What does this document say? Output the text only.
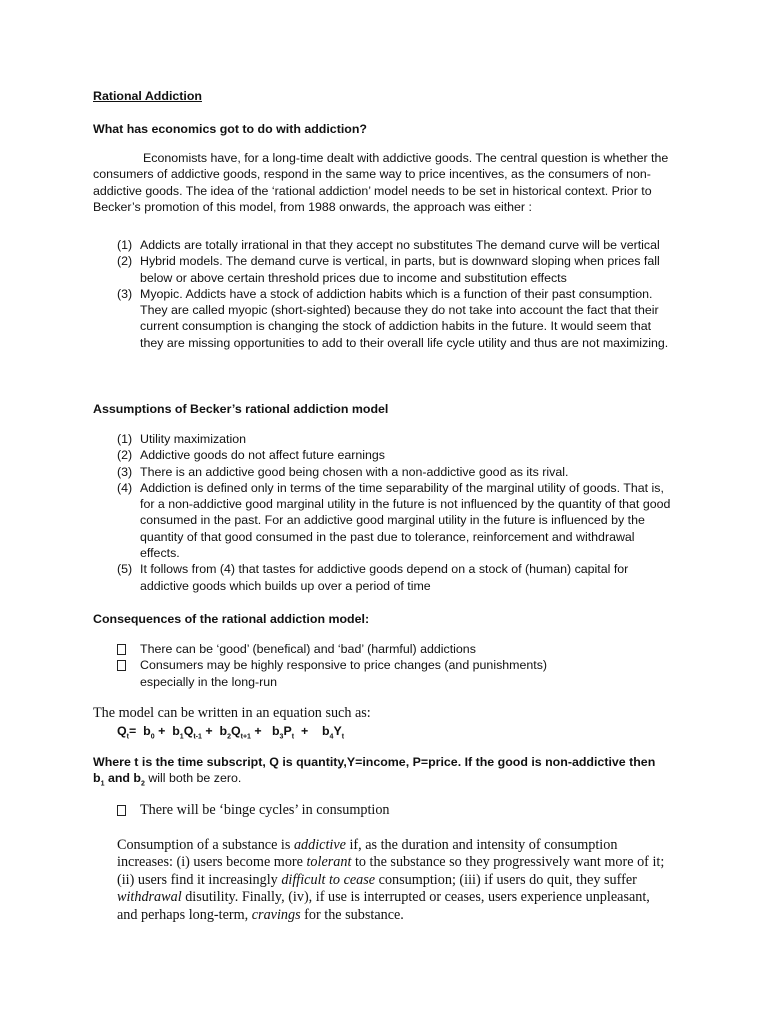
Rational Addiction
What has economics got to do with addiction?
Economists have, for a long-time dealt with addictive goods. The central question is whether the consumers of addictive goods, respond in the same way to price incentives, as the consumers of non-addictive goods. The idea of the ‘rational addiction’ model needs to be set in historical context. Prior to Becker’s promotion of this model, from 1988 onwards, the approach was either :
(1) Addicts are totally irrational in that they accept no substitutes The demand curve will be vertical
(2) Hybrid models. The demand curve is vertical, in parts, but is downward sloping when prices fall below or above certain threshold prices due to income and substitution effects
(3) Myopic. Addicts have a stock of addiction habits which is a function of their past consumption. They are called myopic (short-sighted) because they do not take into account the fact that their current consumption is changing the stock of addiction habits in the future. It would seem that they are missing opportunities to add to their overall life cycle utility and thus are not maximizing.
Assumptions of Becker’s rational addiction model
(1) Utility maximization
(2) Addictive goods do not affect future earnings
(3) There is an addictive good being chosen with a non-addictive good as its rival.
(4) Addiction is defined only in terms of the time separability of the marginal utility of goods. That is, for a non-addictive good marginal utility in the future is not influenced by the quantity of that good consumed in the past. For an addictive good marginal utility in the future is influenced by the quantity of that good consumed in the past due to tolerance, reinforcement and withdrawal effects.
(5) It follows from (4) that tastes for addictive goods depend on a stock of (human) capital for addictive goods which builds up over a period of time
Consequences of the rational addiction model:
There can be ‘good’ (benefical) and ‘bad’ (harmful) addictions
Consumers may be highly responsive to price changes (and punishments) especially in the long-run
The model can be written in an equation such as:
$Q_t= b_0 + b_1Q_{t-1} + b_2Q_{t+1} + b_3P_t + b_4Y_t$
Where t is the time subscript, Q is quantity,Y=income, P=price. If the good is non-addictive then $b_1$ and $b_2$ will both be zero.
There will be ‘binge cycles’ in consumption
Consumption of a substance is addictive if, as the duration and intensity of consumption increases: (i) users become more tolerant to the substance so they progressively want more of it; (ii) users find it increasingly difficult to cease consumption; (iii) if users do quit, they suffer withdrawal disutility. Finally, (iv), if use is interrupted or ceases, users experience unpleasant, and perhaps long-term, cravings for the substance.
